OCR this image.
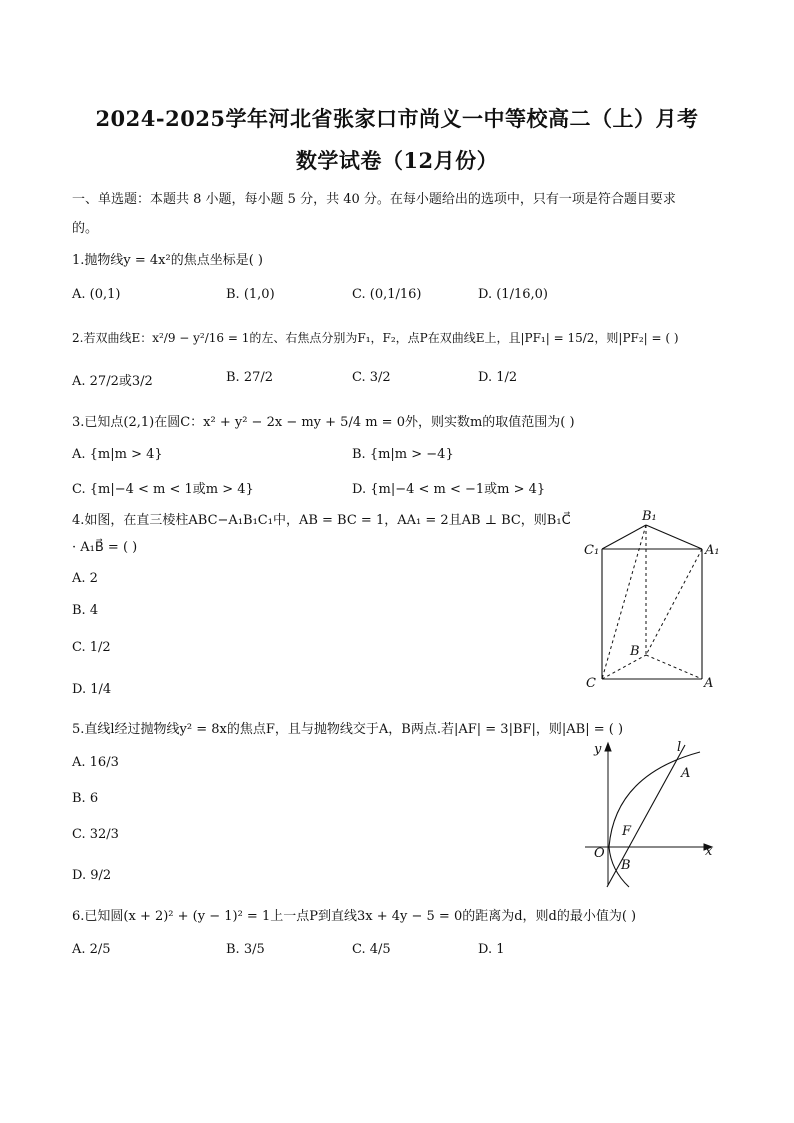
2024-2025学年河北省张家口市尚义一中等校高二（上）月考
数学试卷（12月份）
一、单选题：本题共 8 小题，每小题 5 分，共 40 分。在每小题给出的选项中，只有一项是符合题目要求
的。
1.抛物线y = 4x²的焦点坐标是( )
A. (0,1)	B. (1,0)	C. (0,1/16)	D. (1/16,0)
2.若双曲线E：x²/9 − y²/16 = 1的左、右焦点分别为F₁，F₂，点P在双曲线E上，且|PF₁| = 15/2，则|PF₂| = ( )
A. 27/2或3/2	B. 27/2	C. 3/2	D. 1/2
3.已知点(2,1)在圆C：x² + y² − 2x − my + 5/4 m = 0外，则实数m的取值范围为( )
A. {m|m > 4}	B. {m|m > −4}
C. {m|−4 < m < 1或m > 4}	D. {m|−4 < m < −1或m > 4}
4.如图，在直三棱柱ABC−A₁B₁C₁中，AB = BC = 1，AA₁ = 2且AB ⊥ BC，则B₁C⃗
· A₁B⃗ = ( )
A. 2
B. 4
C. 1/2
D. 1/4
B₁
C₁	A₁
B
C	A
5.直线l经过抛物线y² = 8x的焦点F，且与抛物线交于A，B两点.若|AF| = 3|BF|，则|AB| = ( )
A. 16/3
B. 6
C. 32/3
D. 9/2
y	l
A
F
O
B
x
6.已知圆(x + 2)² + (y − 1)² = 1上一点P到直线3x + 4y − 5 = 0的距离为d，则d的最小值为( )
A. 2/5	B. 3/5	C. 4/5	D. 1
